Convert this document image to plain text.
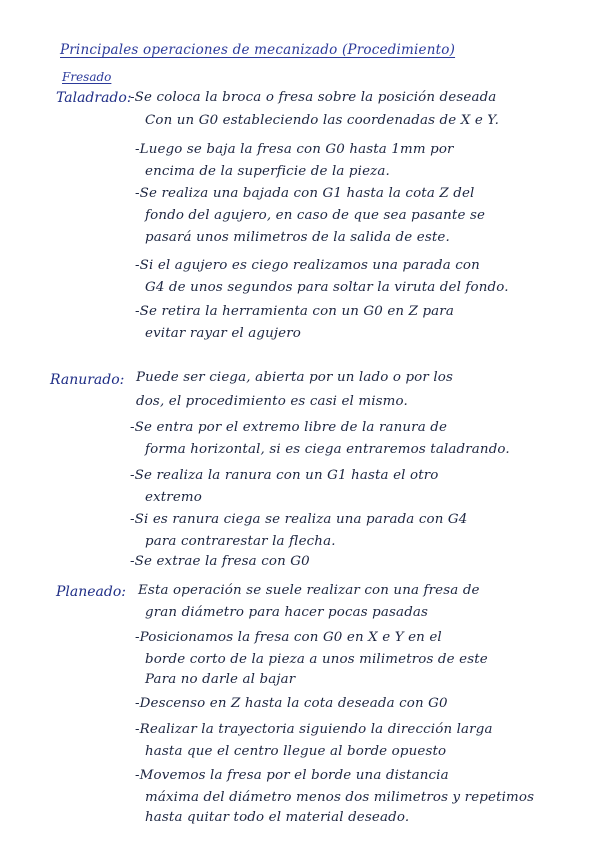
Principales operaciones de mecanizado (Procedimiento)
Fresado
Taladrado:
-Se coloca la broca o fresa sobre la posición deseada
Con un G0 estableciendo las coordenadas de X e Y.
-Luego se baja la fresa con G0 hasta 1mm por
encima de la superficie de la pieza.
-Se realiza una bajada con G1 hasta la cota Z del
fondo del agujero, en caso de que sea pasante se
pasará unos milimetros de la salida de este.
-Si el agujero es ciego realizamos una parada con
G4 de unos segundos para soltar la viruta del fondo.
-Se retira la herramienta con un G0 en Z para
evitar rayar el agujero
Ranurado: Puede ser ciega, abierta por un lado o por los
dos, el procedimiento es casi el mismo.
-Se entra por el extremo libre de la ranura de
forma horizontal, si es ciega entraremos taladrando.
-Se realiza la ranura con un G1 hasta el otro
extremo
-Si es ranura ciega se realiza una parada con G4
para contrarestar la flecha.
-Se extrae la fresa con G0
Planeado: Esta operación se suele realizar con una fresa de
gran diámetro para hacer pocas pasadas
-Posicionamos la fresa con G0 en X e Y en el
borde corto de la pieza a unos milimetros de este
Para no darle al bajar
-Descenso en Z hasta la cota deseada con G0
-Realizar la trayectoria siguiendo la dirección larga
hasta que el centro llegue al borde opuesto
-Movemos la fresa por el borde una distancia
máxima del diámetro menos dos milimetros y repetimos
hasta quitar todo el material deseado.
